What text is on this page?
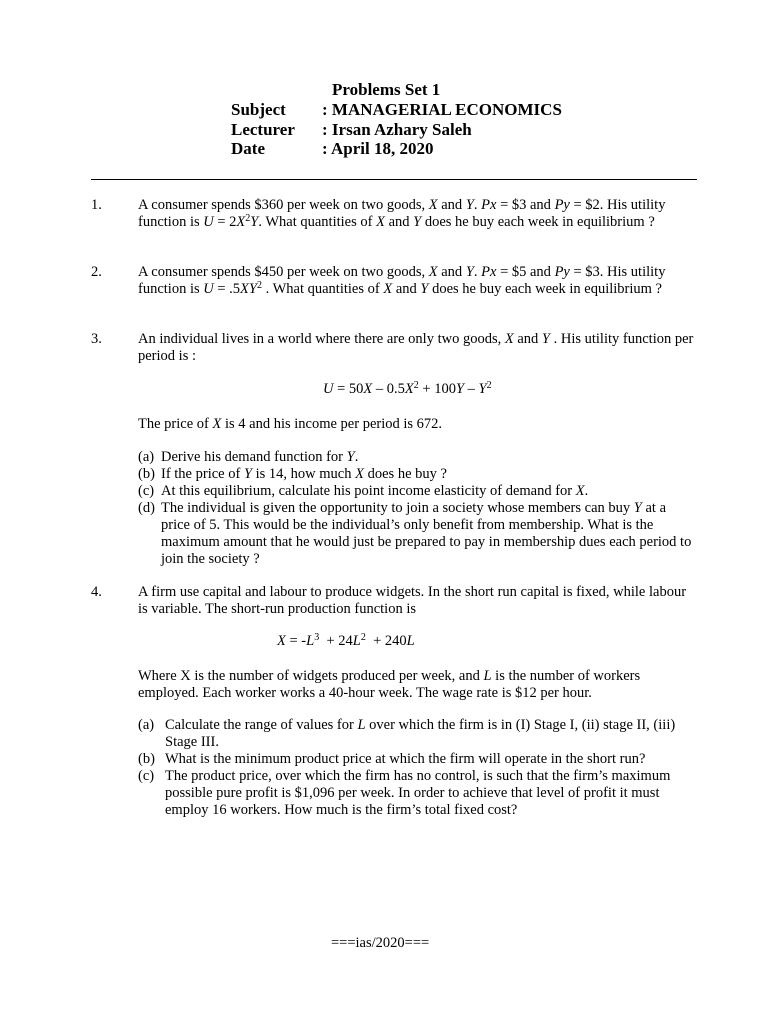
Problems Set 1
Subject : MANAGERIAL ECONOMICS
Lecturer : Irsan Azhary Saleh
Date	: April 18, 2020
1. A consumer spends $360 per week on two goods, X and Y. Px = $3 and Py = $2. His utility function is $U = 2X^2Y$. What quantities of X and Y does he buy each week in equilibrium ?
2. A consumer spends $450 per week on two goods, X and Y. Px = $5 and Py = $3. His utility function is $U = .5XY^2$ . What quantities of X and Y does he buy each week in equilibrium ?
3. An individual lives in a world where there are only two goods, X and Y . His utility function per period is :
$U = 50X - 0.5X^2 + 100Y - Y^2$
The price of X is 4 and his income per period is 672.
(a) Derive his demand function for Y.
(b) If the price of Y is 14, how much X does he buy ?
(c) At this equilibrium, calculate his point income elasticity of demand for X.
(d) The individual is given the opportunity to join a society whose members can buy Y at a price of 5. This would be the individual’s only benefit from membership. What is the maximum amount that he would just be prepared to pay in membership dues each period to join the society ?
4. A firm use capital and labour to produce widgets. In the short run capital is fixed, while labour is variable. The short-run production function is
$X = -L^3 + 24L^2 + 240L$
Where X is the number of widgets produced per week, and L is the number of workers employed. Each worker works a 40-hour week. The wage rate is $12 per hour.
(a) Calculate the range of values for L over which the firm is in (I) Stage I, (ii) stage II, (iii) Stage III.
(b) What is the minimum product price at which the firm will operate in the short run?
(c) The product price, over which the firm has no control, is such that the firm’s maximum possible pure profit is $1,096 per week. In order to achieve that level of profit it must employ 16 workers. How much is the firm’s total fixed cost?
===ias/2020===
